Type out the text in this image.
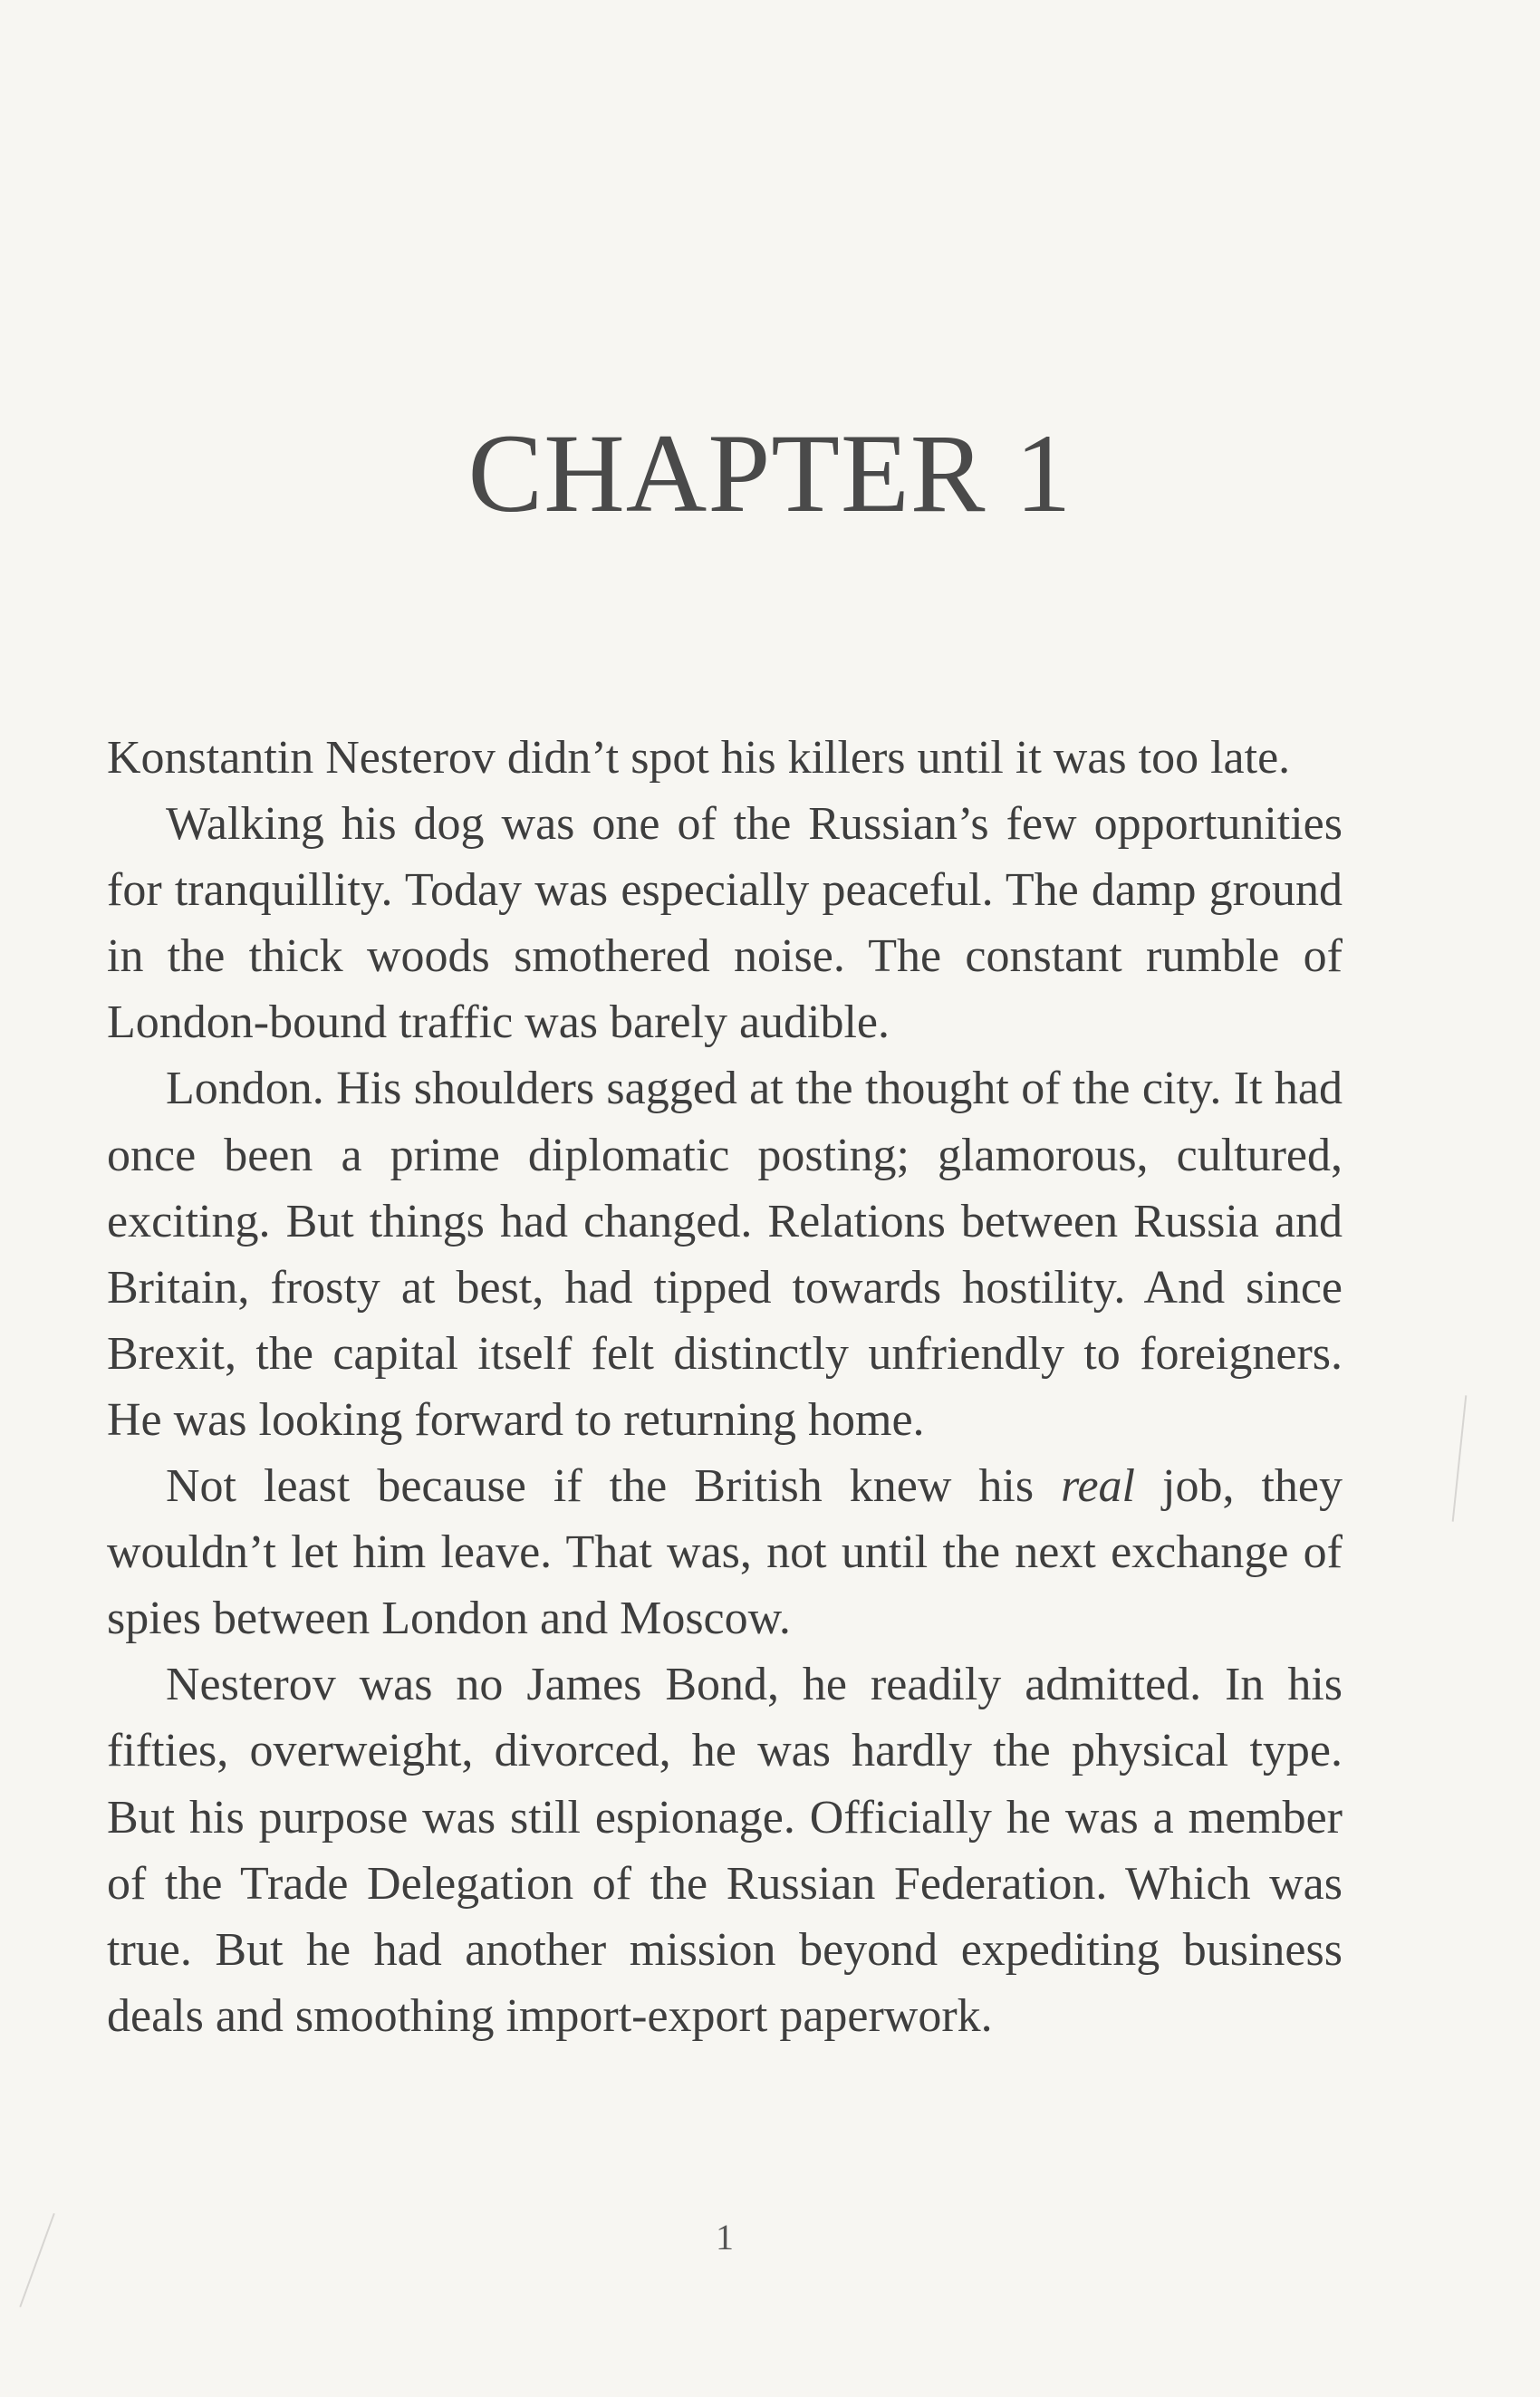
CHAPTER 1

Konstantin Nesterov didn’t spot his killers until it was too late.

Walking his dog was one of the Russian’s few opportunities for tranquillity. Today was especially peaceful. The damp ground in the thick woods smothered noise. The constant rumble of London-bound traffic was barely audible.

London. His shoulders sagged at the thought of the city. It had once been a prime diplomatic posting; glamorous, cultured, exciting. But things had changed. Relations between Russia and Britain, frosty at best, had tipped towards hostility. And since Brexit, the capital itself felt distinctly unfriendly to foreigners. He was looking forward to returning home.

Not least because if the British knew his real job, they wouldn’t let him leave. That was, not until the next exchange of spies between London and Moscow.

Nesterov was no James Bond, he readily admitted. In his fifties, overweight, divorced, he was hardly the physical type. But his purpose was still espionage. Officially he was a member of the Trade Delegation of the Russian Federation. Which was true. But he had another mission beyond expediting business deals and smoothing import-export paperwork.

1
